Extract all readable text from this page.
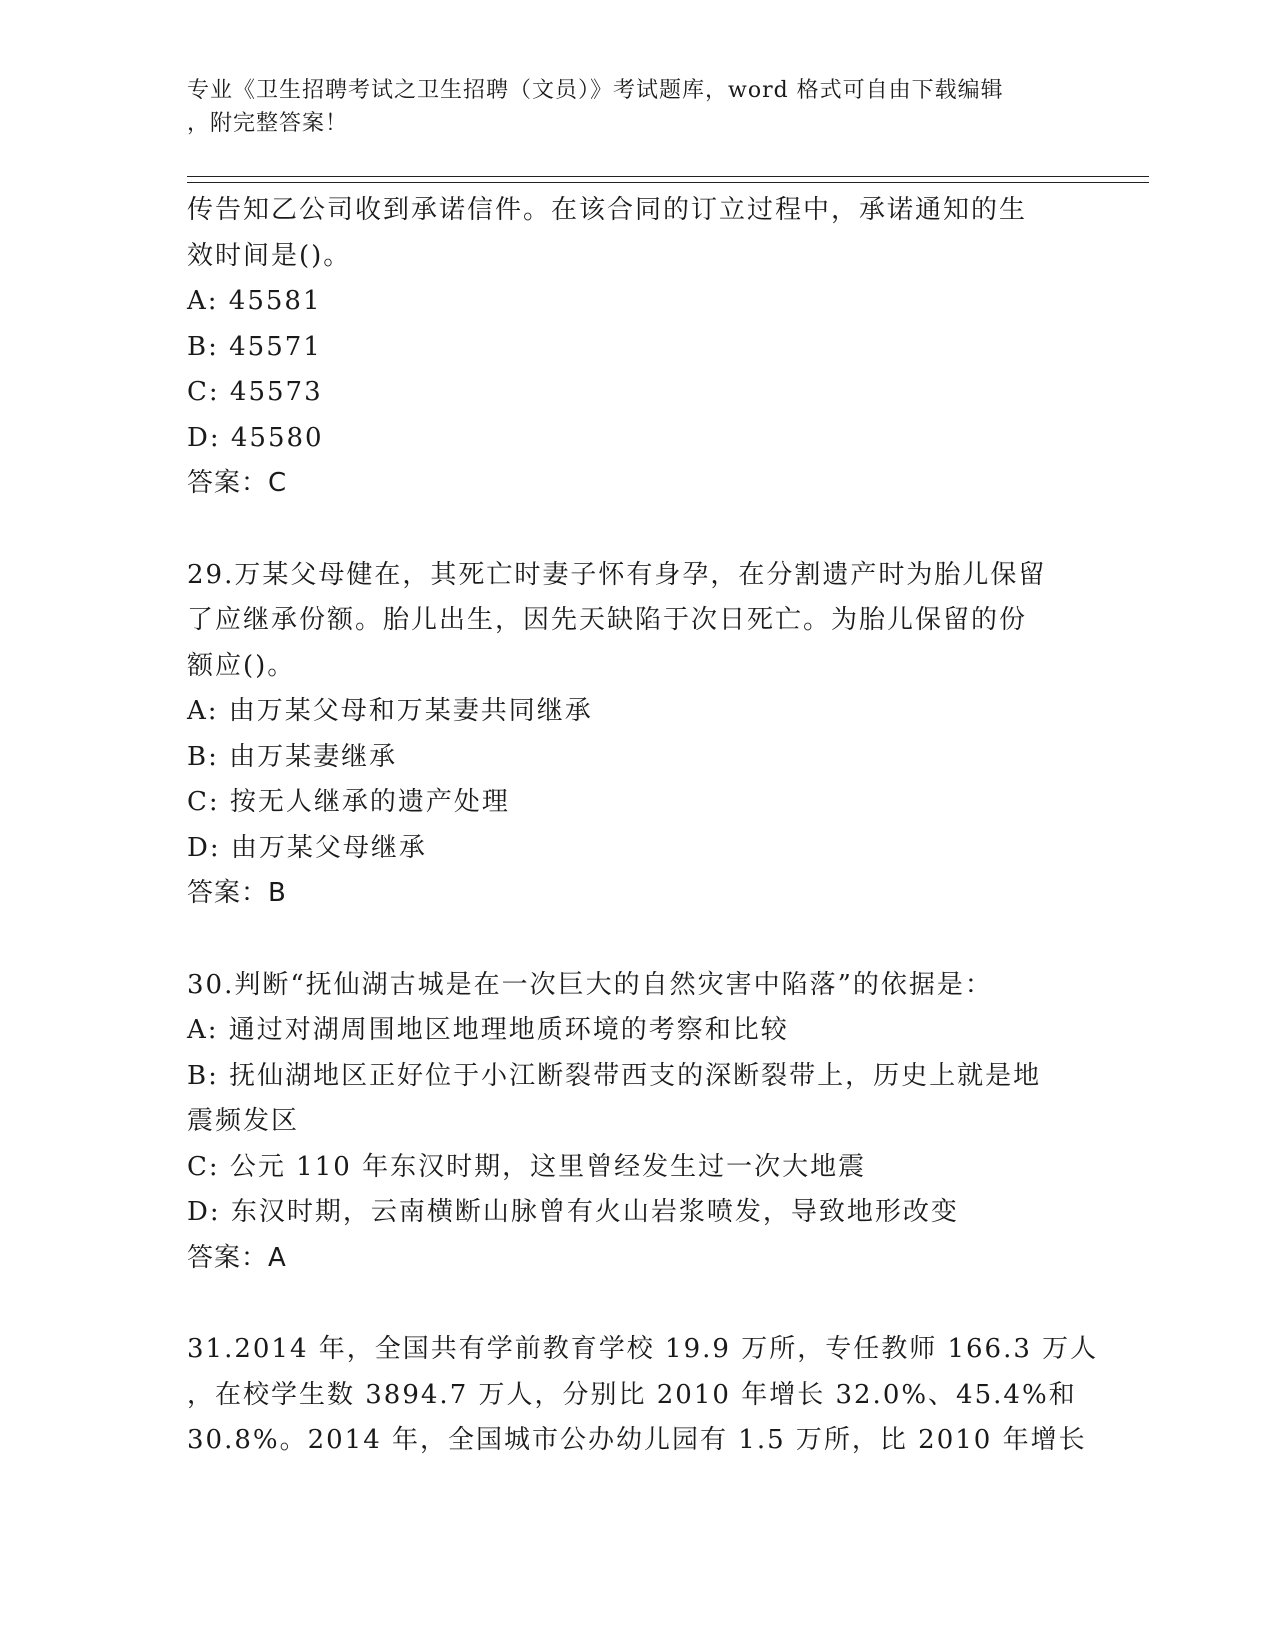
专业《卫生招聘考试之卫生招聘（文员）》考试题库，word 格式可自由下载编辑
，附完整答案！
传告知乙公司收到承诺信件。在该合同的订立过程中，承诺通知的生
效时间是()。
A: 45581
B: 45571
C: 45573
D: 45580
答案：C
29.万某父母健在，其死亡时妻子怀有身孕，在分割遗产时为胎儿保留
了应继承份额。胎儿出生，因先天缺陷于次日死亡。为胎儿保留的份
额应()。
A: 由万某父母和万某妻共同继承
B: 由万某妻继承
C: 按无人继承的遗产处理
D: 由万某父母继承
答案：B
30.判断“抚仙湖古城是在一次巨大的自然灾害中陷落”的依据是：
A: 通过对湖周围地区地理地质环境的考察和比较
B: 抚仙湖地区正好位于小江断裂带西支的深断裂带上，历史上就是地
震频发区
C: 公元 110 年东汉时期，这里曾经发生过一次大地震
D: 东汉时期，云南横断山脉曾有火山岩浆喷发，导致地形改变
答案：A
31.2014 年，全国共有学前教育学校 19.9 万所，专任教师 166.3 万人
，在校学生数 3894.7 万人，分别比 2010 年增长 32.0%、45.4%和
30.8%。2014 年，全国城市公办幼儿园有 1.5 万所，比 2010 年增长
